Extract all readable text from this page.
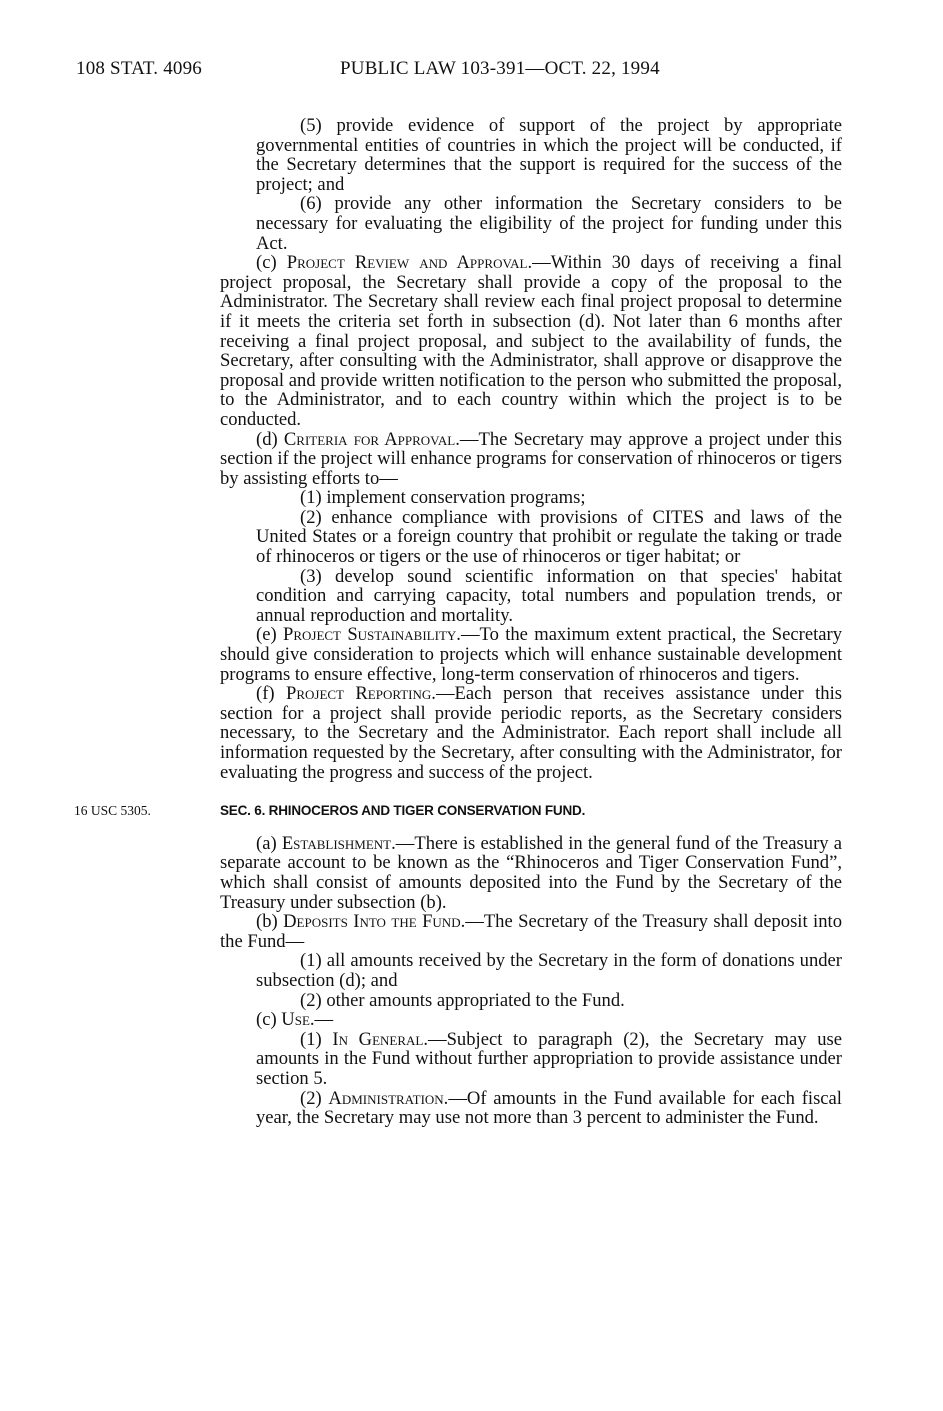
108 STAT. 4096	PUBLIC LAW 103-391—OCT. 22, 1994

(5) provide evidence of support of the project by appropriate governmental entities of countries in which the project will be conducted, if the Secretary determines that the support is required for the success of the project; and

(6) provide any other information the Secretary considers to be necessary for evaluating the eligibility of the project for funding under this Act.

(c) Project Review and Approval.—Within 30 days of receiving a final project proposal, the Secretary shall provide a copy of the proposal to the Administrator. The Secretary shall review each final project proposal to determine if it meets the criteria set forth in subsection (d). Not later than 6 months after receiving a final project proposal, and subject to the availability of funds, the Secretary, after consulting with the Administrator, shall approve or disapprove the proposal and provide written notification to the person who submitted the proposal, to the Administrator, and to each country within which the project is to be conducted.

(d) Criteria for Approval.—The Secretary may approve a project under this section if the project will enhance programs for conservation of rhinoceros or tigers by assisting efforts to—

(1) implement conservation programs;

(2) enhance compliance with provisions of CITES and laws of the United States or a foreign country that prohibit or regulate the taking or trade of rhinoceros or tigers or the use of rhinoceros or tiger habitat; or

(3) develop sound scientific information on that species' habitat condition and carrying capacity, total numbers and population trends, or annual reproduction and mortality.

(e) Project Sustainability.—To the maximum extent practical, the Secretary should give consideration to projects which will enhance sustainable development programs to ensure effective, long-term conservation of rhinoceros and tigers.

(f) Project Reporting.—Each person that receives assistance under this section for a project shall provide periodic reports, as the Secretary considers necessary, to the Secretary and the Administrator. Each report shall include all information requested by the Secretary, after consulting with the Administrator, for evaluating the progress and success of the project.

16 USC 5305.	SEC. 6. RHINOCEROS AND TIGER CONSERVATION FUND.

(a) Establishment.—There is established in the general fund of the Treasury a separate account to be known as the “Rhinoceros and Tiger Conservation Fund”, which shall consist of amounts deposited into the Fund by the Secretary of the Treasury under subsection (b).

(b) Deposits Into the Fund.—The Secretary of the Treasury shall deposit into the Fund—

(1) all amounts received by the Secretary in the form of donations under subsection (d); and

(2) other amounts appropriated to the Fund.

(c) Use.—

(1) In General.—Subject to paragraph (2), the Secretary may use amounts in the Fund without further appropriation to provide assistance under section 5.

(2) Administration.—Of amounts in the Fund available for each fiscal year, the Secretary may use not more than 3 percent to administer the Fund.
